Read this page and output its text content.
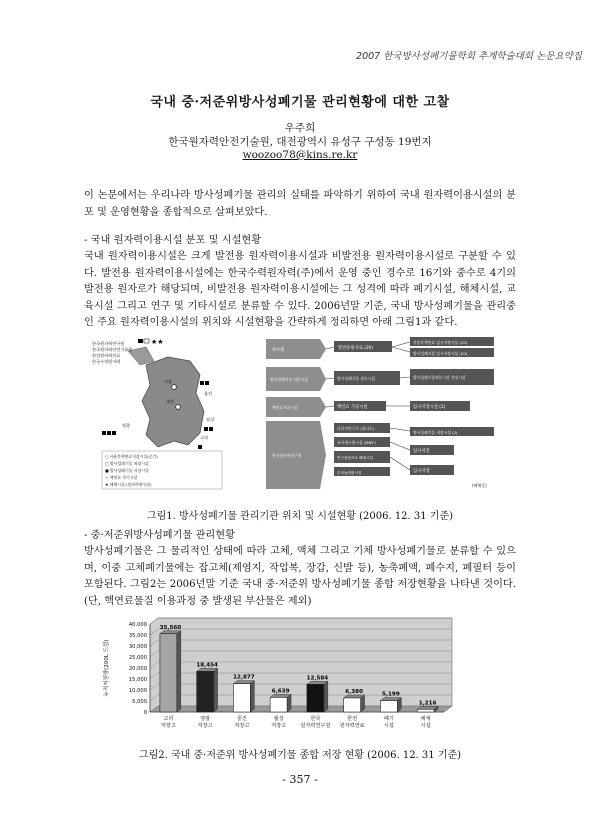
2007 한국방사성폐기물학회 추계학술대회 논문요약집
국내 중·저준위방사성폐기물 관리현황에 대한 고찰
우주희
한국원자력안전기술원, 대전광역시 유성구 구성동 19번지
woozoo78@kins.re.kr
이 논문에서는 우리나라 방사성폐기물 관리의 실태를 파악하기 위하여 국내 원자력이용시설의 분포 및 운영현황을 종합적으로 살펴보았다.
- 국내 원자력이용시설 분포 및 시설현황
국내 원자력이용시설은 크게 발전용 원자력이용시설과 비발전용 원자력이용시설로 구분할 수 있다. 발전용 원자력이용시설에는 한국수력원자력(주)에서 운영 중인 경수로 16기와 중수로 4기의 발전용 원자로가 해당되며, 비발전용 원자력이용시설에는 그 성격에 따라 폐기시설, 해체시설, 교육시설 그리고 연구 및 기타시설로 분류할 수 있다. 2006년말 기준, 국내 방사성폐기물을 관리중인 주요 원자력이용시설의 위치와 시설현황을 간략하게 정리하면 아래 그림1과 같다.
한국원자력연구원
한국원자력안전기술원
한전원자력연료
한국수력원자력
서울
대전
울진
월성
영광
고리
★★
○ 사용후핵연료저장시설(중간)
□ 방사성폐기물 처리시설
■ 방사성폐기물 저장시설
☆ 핵연료 주기시설
★ 해체시설 (원자력연구원)
한수원	발전용원자로 (20)
사용후핵연료 임시저장시설 (20)
방사성폐기물 임시저장시설 (20)
방사성폐기물 처분시설	방사성폐기물 관리시설	방사성폐기물처분시설 저장시설
핵연료가공시설	핵연료 가공시설	임시저장시설 (2)
한국원자력연구원
다목적연구로 (하나로)
조사재시험시설 (IMEF)
연구용원자로 해체시설
우라늄변환시설
방사성폐기물 저장시설 (2)
임시저장
임시저장
(해체중)
그림1. 방사성폐기물 관리기관 위치 및 시설현황 (2006. 12. 31 기준)
- 중·저준위방사성폐기물 관리현황
방사성폐기물은 그 물리적인 상태에 따라 고체, 액체 그리고 기체 방사성폐기물로 분류할 수 있으며, 이중 고체폐기물에는 잡고체(제염지, 작업복, 장갑, 신발 등), 농축폐액, 폐수지, 폐필터 등이 포함된다. 그림2는 2006년말 기준 국내 중·저준위 방사성폐기물 종합 저장현황을 나타낸 것이다.(단, 핵연료물질 이용과정 중 발생된 부산물은 제외)
누적저장량(200L 드럼)
0
5,000
10,000
15,000
20,000
25,000
30,000
35,000
40,000 35,560
고리
저장고
18,454
영광
저장고
12,877
울진
저장고
6,639
월성
저장고
12,584
한국
원자력연구원
6,380
한전
원자력연료
5,199
폐기
시설
1,216
해체
시설
그림2. 국내 중·저준위 방사성폐기물 종합 저장 현황 (2006. 12. 31 기준)
- 357 -
